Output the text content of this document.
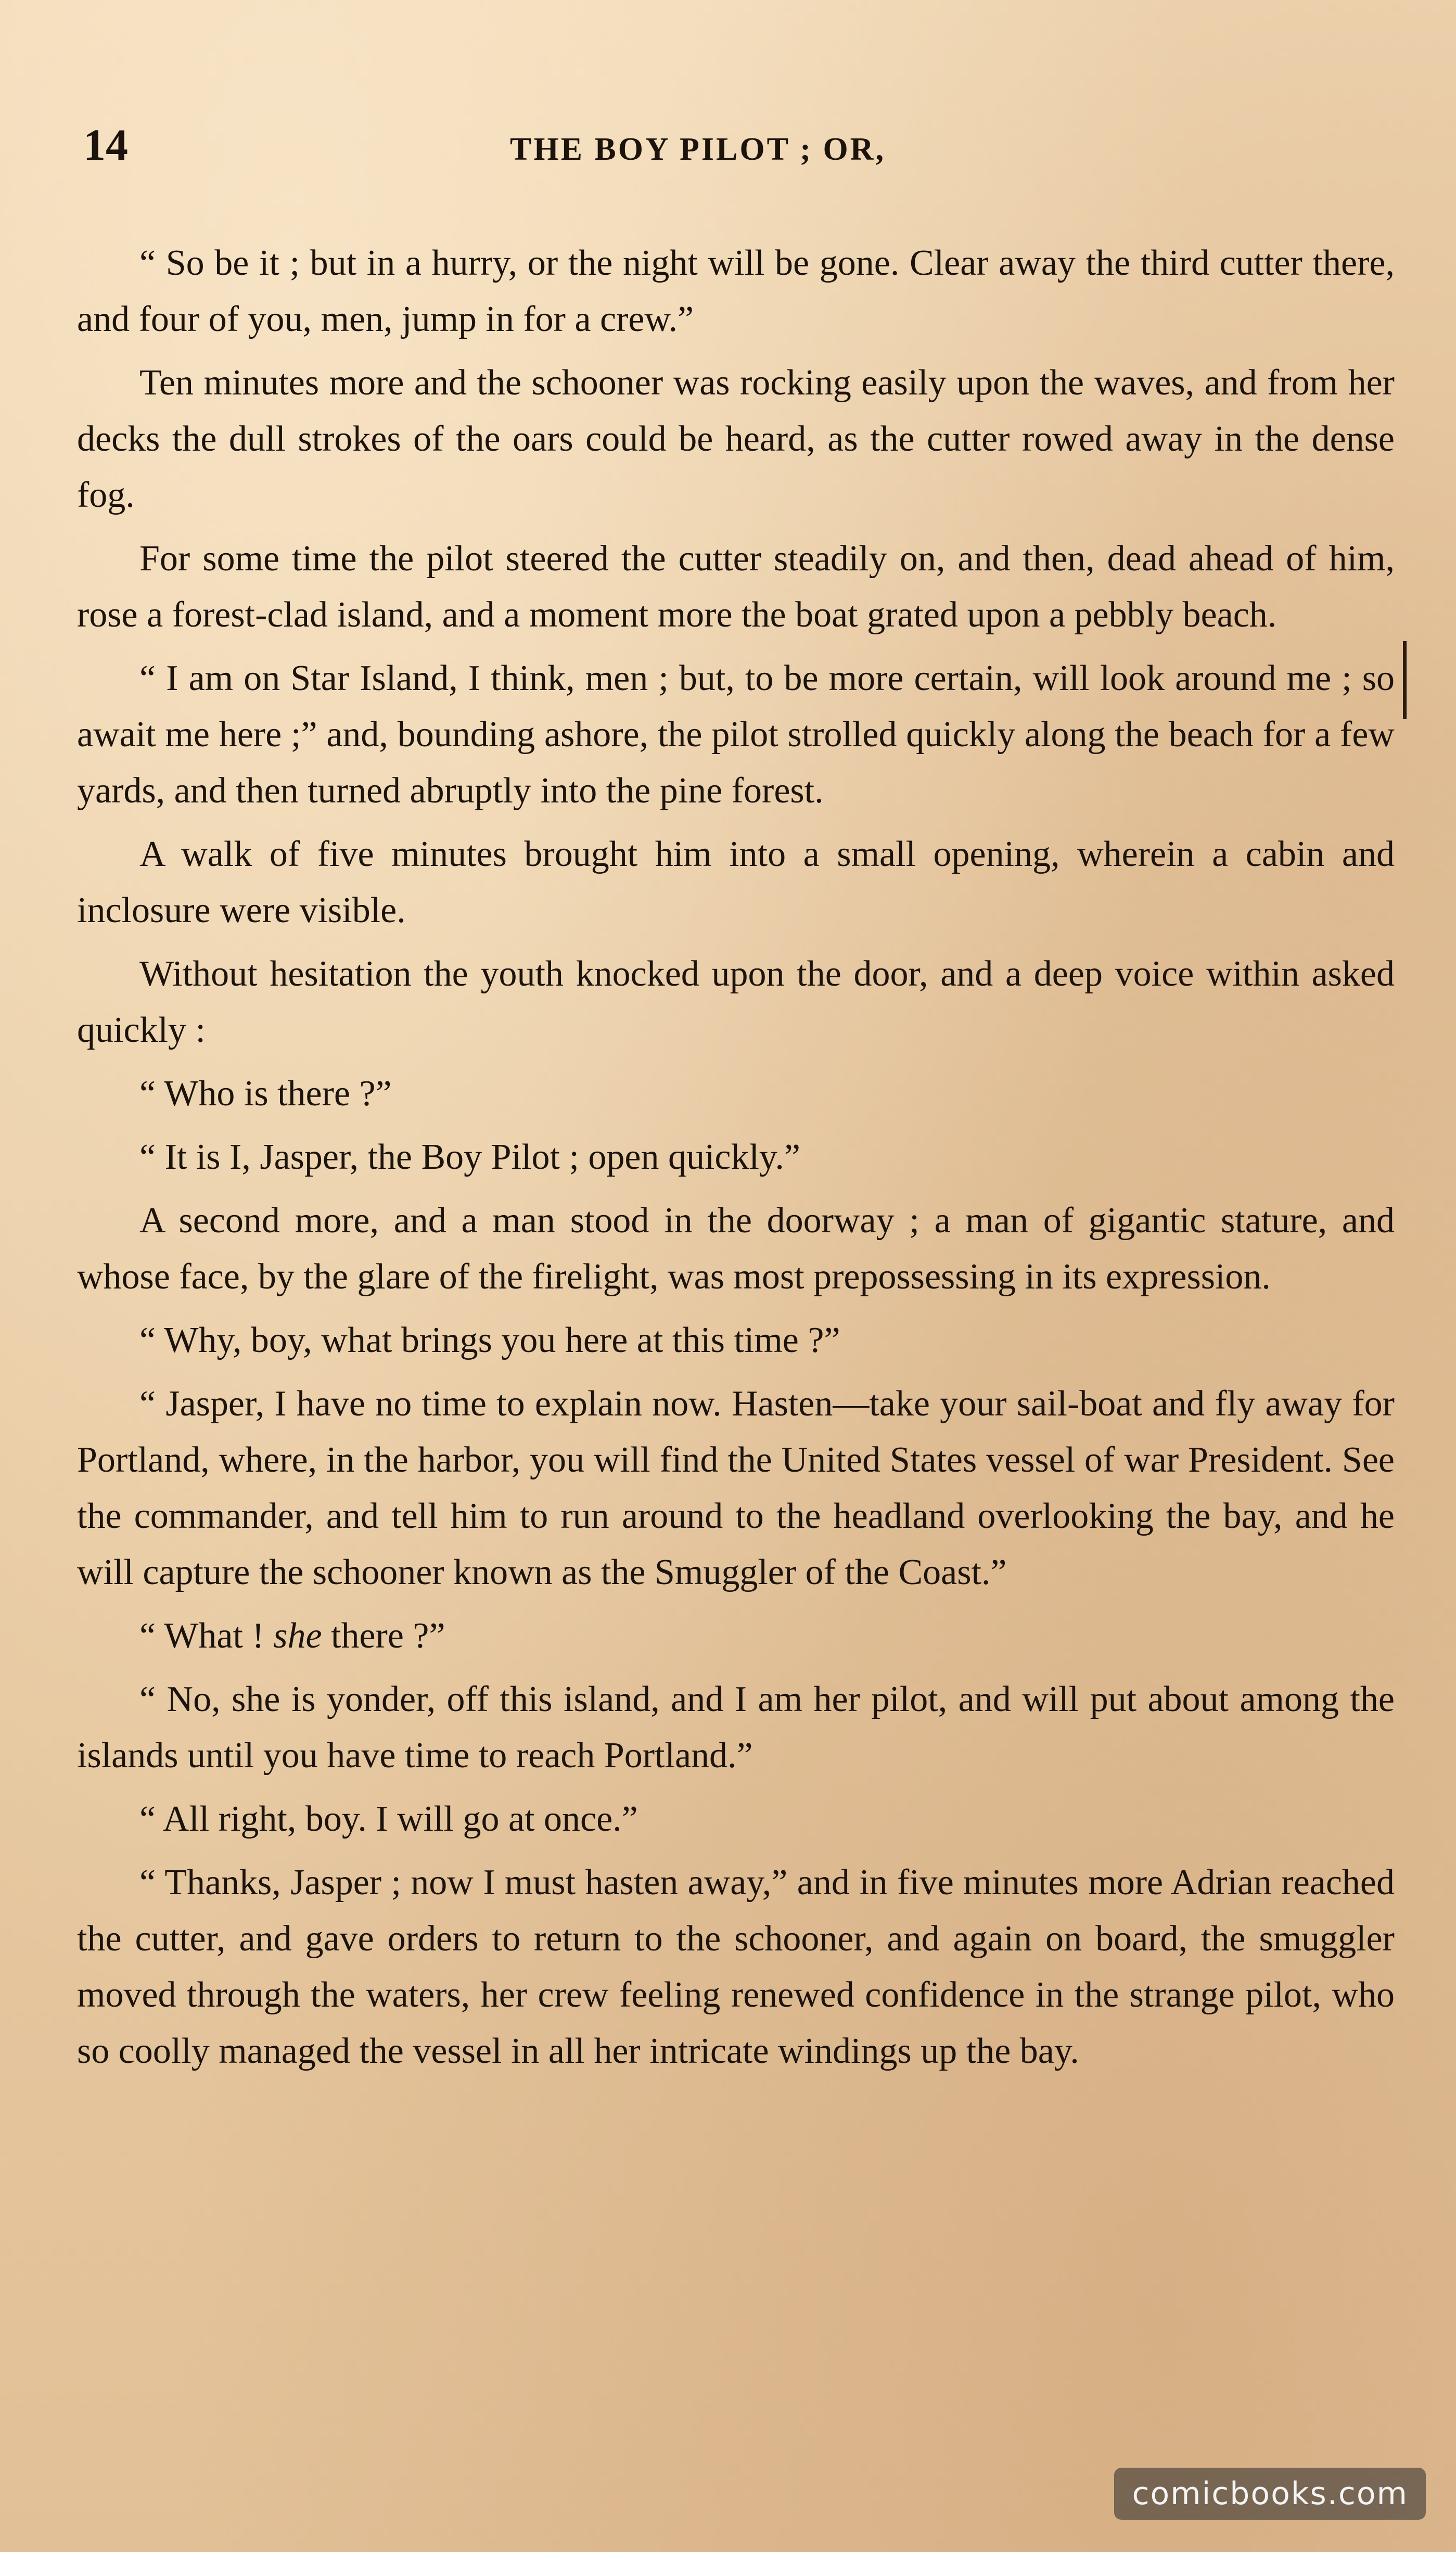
14	THE BOY PILOT ; OR,

“ So be it ; but in a hurry, or the night will be gone. Clear away the third cutter there, and four of you, men, jump in for a crew.”

Ten minutes more and the schooner was rocking easily upon the waves, and from her decks the dull strokes of the oars could be heard, as the cutter rowed away in the dense fog.

For some time the pilot steered the cutter steadily on, and then, dead ahead of him, rose a forest-clad island, and a moment more the boat grated upon a pebbly beach.

“ I am on Star Island, I think, men ; but, to be more certain, will look around me ; so await me here ;” and, bounding ashore, the pilot strolled quickly along the beach for a few yards, and then turned abruptly into the pine forest.

A walk of five minutes brought him into a small opening, wherein a cabin and inclosure were visible.

Without hesitation the youth knocked upon the door, and a deep voice within asked quickly :

“ Who is there ?”

“ It is I, Jasper, the Boy Pilot ; open quickly.”

A second more, and a man stood in the doorway ; a man of gigantic stature, and whose face, by the glare of the firelight, was most prepossessing in its expression.

“ Why, boy, what brings you here at this time ?”

“ Jasper, I have no time to explain now. Hasten—take your sail-boat and fly away for Portland, where, in the harbor, you will find the United States vessel of war President. See the commander, and tell him to run around to the headland overlooking the bay, and he will capture the schooner known as the Smuggler of the Coast.”

“ What ! she there ?”

“ No, she is yonder, off this island, and I am her pilot, and will put about among the islands until you have time to reach Portland.”

“ All right, boy. I will go at once.”

“ Thanks, Jasper ; now I must hasten away,” and in five minutes more Adrian reached the cutter, and gave orders to return to the schooner, and again on board, the smuggler moved through the waters, her crew feeling renewed confidence in the strange pilot, who so coolly managed the vessel in all her intricate windings up the bay.

comicbooks.com
